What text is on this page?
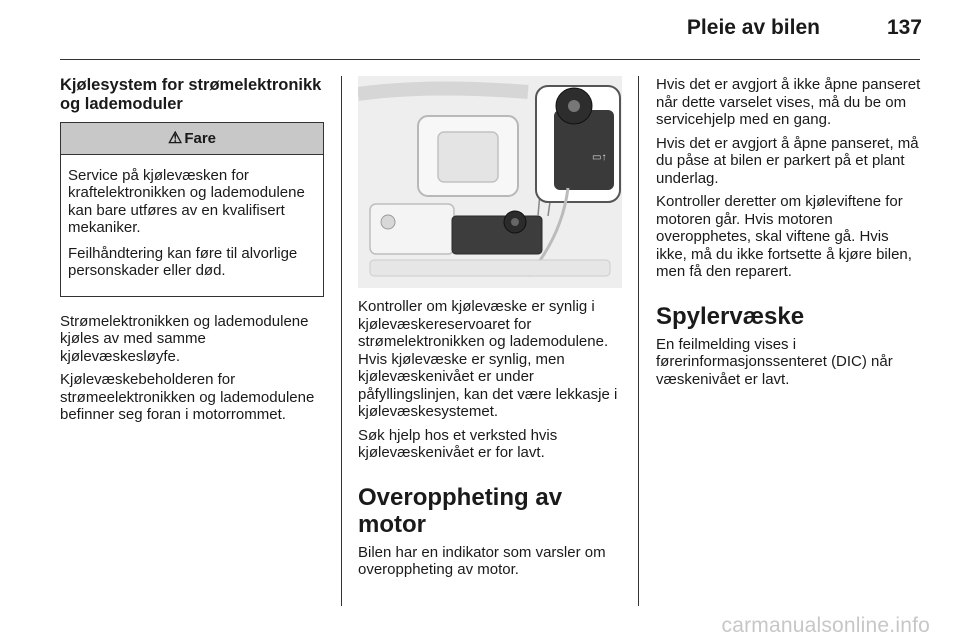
Pleie av bilen	137
Kjølesystem for strømelektronikk og lademoduler
⚠ Fare

Service på kjølevæsken for kraftelektronikken og lademodulene kan bare utføres av en kvalifisert mekaniker.

Feilhåndtering kan føre til alvorlige personskader eller død.

Strømelektronikken og lademodulene kjøles av med samme kjølevæskesløyfe.

Kjølevæskebeholderen for strømeelektronikken og lademodulene befinner seg foran i motorrommet.

▭↑

Kontroller om kjølevæske er synlig i kjølevæskereservoaret for strømelektronikken og lademodulene. Hvis kjølevæske er synlig, men kjølevæskenivået er under påfyllingslinjen, kan det være lekkasje i kjølevæskesystemet.

Søk hjelp hos et verksted hvis kjølevæskenivået er for lavt.

Overoppheting av motor

Bilen har en indikator som varsler om overoppheting av motor.

Hvis det er avgjort å ikke åpne panseret når dette varselet vises, må du be om servicehjelp med en gang.

Hvis det er avgjort å åpne panseret, må du påse at bilen er parkert på et plant underlag.

Kontroller deretter om kjøleviftene for motoren går. Hvis motoren overopphetes, skal viftene gå. Hvis ikke, må du ikke fortsette å kjøre bilen, men få den reparert.

Spylervæske

En feilmelding vises i førerinformasjonssenteret (DIC) når væskenivået er lavt.

carmanualsonline.info
